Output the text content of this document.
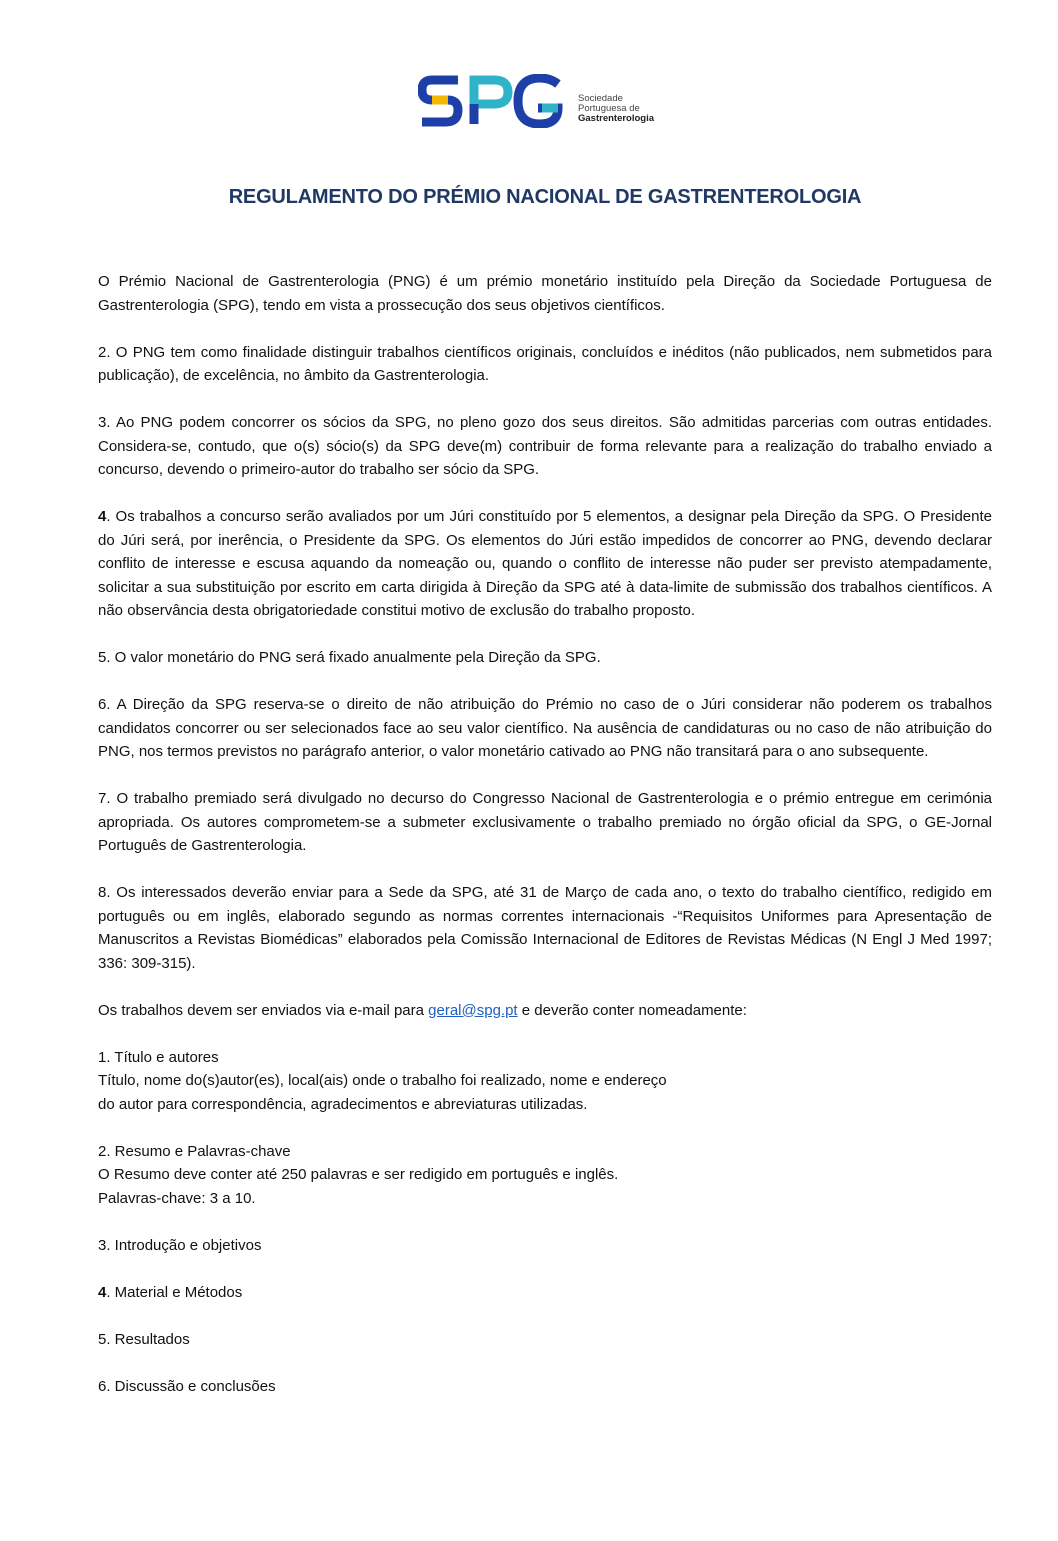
Sociedade
Portuguesa de
Gastrenterologia
REGULAMENTO DO PRÉMIO NACIONAL DE GASTRENTEROLOGIA

O Prémio Nacional de Gastrenterologia (PNG) é um prémio monetário instituído pela Direção da Sociedade Portuguesa de Gastrenterologia (SPG), tendo em vista a prossecução dos seus objetivos científicos.

2. O PNG tem como finalidade distinguir trabalhos científicos originais, concluídos e inéditos (não publicados, nem submetidos para publicação), de excelência, no âmbito da Gastrenterologia.

3. Ao PNG podem concorrer os sócios da SPG, no pleno gozo dos seus direitos. São admitidas parcerias com outras entidades. Considera-se, contudo, que o(s) sócio(s) da SPG deve(m) contribuir de forma relevante para a realização do trabalho enviado a concurso, devendo o primeiro-autor do trabalho ser sócio da SPG.

4. Os trabalhos a concurso serão avaliados por um Júri constituído por 5 elementos, a designar pela Direção da SPG. O Presidente do Júri será, por inerência, o Presidente da SPG. Os elementos do Júri estão impedidos de concorrer ao PNG, devendo declarar conflito de interesse e escusa aquando da nomeação ou, quando o conflito de interesse não puder ser previsto atempadamente, solicitar a sua substituição por escrito em carta dirigida à Direção da SPG até à data-limite de submissão dos trabalhos científicos. A não observância desta obrigatoriedade constitui motivo de exclusão do trabalho proposto.

5. O valor monetário do PNG será fixado anualmente pela Direção da SPG.

6. A Direção da SPG reserva-se o direito de não atribuição do Prémio no caso de o Júri considerar não poderem os trabalhos candidatos concorrer ou ser selecionados face ao seu valor científico. Na ausência de candidaturas ou no caso de não atribuição do PNG, nos termos previstos no parágrafo anterior, o valor monetário cativado ao PNG não transitará para o ano subsequente.

7. O trabalho premiado será divulgado no decurso do Congresso Nacional de Gastrenterologia e o prémio entregue em cerimónia apropriada. Os autores comprometem-se a submeter exclusivamente o trabalho premiado no órgão oficial da SPG, o GE-Jornal Português de Gastrenterologia.

8. Os interessados deverão enviar para a Sede da SPG, até 31 de Março de cada ano, o texto do trabalho científico, redigido em português ou em inglês, elaborado segundo as normas correntes internacionais -“Requisitos Uniformes para Apresentação de Manuscritos a Revistas Biomédicas” elaborados pela Comissão Internacional de Editores de Revistas Médicas (N Engl J Med 1997; 336: 309-315).

Os trabalhos devem ser enviados via e-mail para geral@spg.pt e deverão conter nomeadamente:

1. Título e autores

Título, nome do(s)autor(es), local(ais) onde o trabalho foi realizado, nome e endereço

do autor para correspondência, agradecimentos e abreviaturas utilizadas.

2. Resumo e Palavras-chave

O Resumo deve conter até 250 palavras e ser redigido em português e inglês.

Palavras-chave: 3 a 10.

3. Introdução e objetivos

4. Material e Métodos

5. Resultados

6. Discussão e conclusões
